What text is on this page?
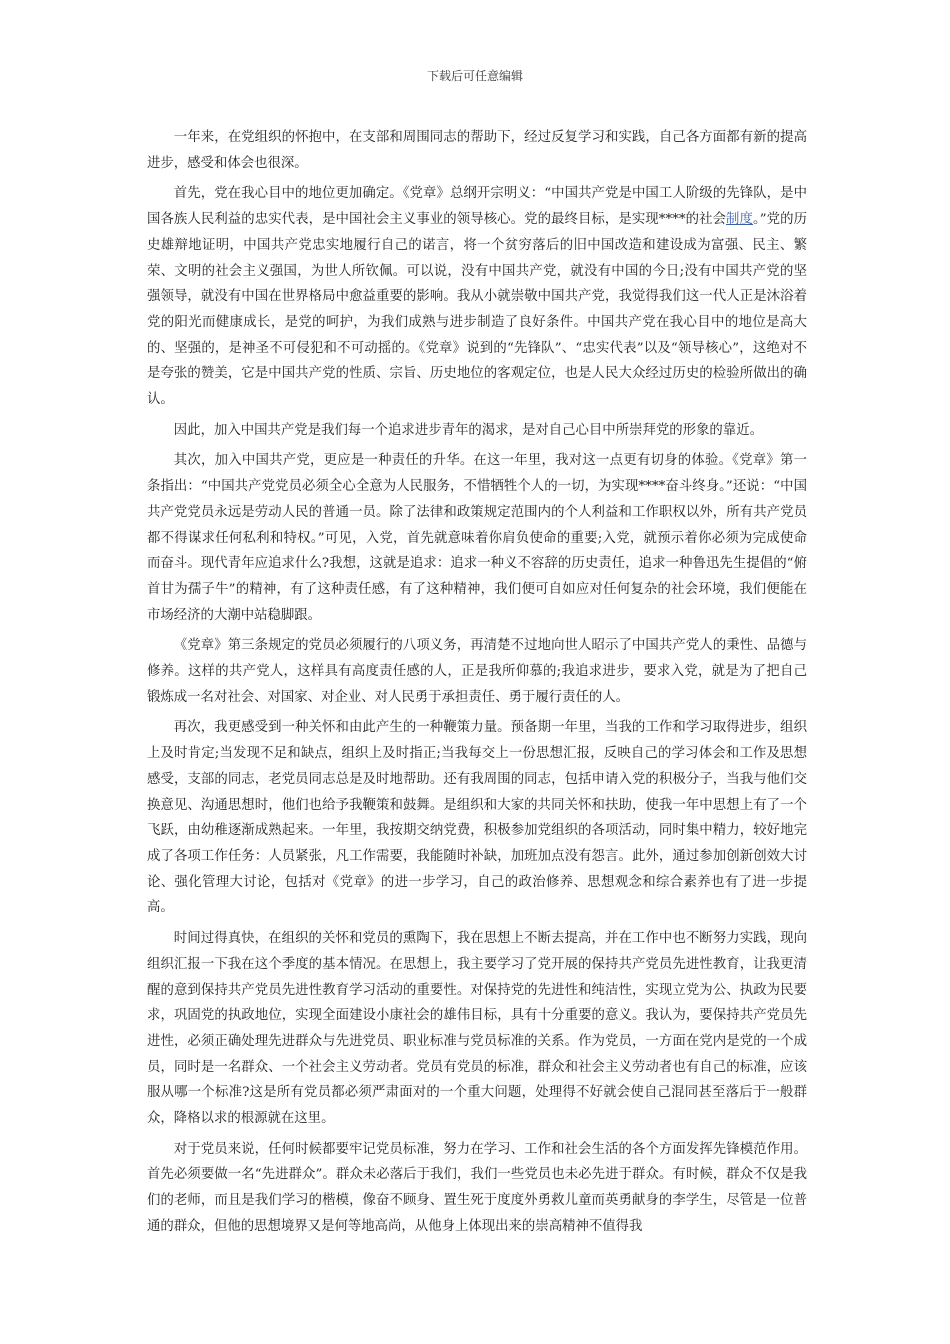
下载后可任意编辑

一年来，在党组织的怀抱中，在支部和周围同志的帮助下，经过反复学习和实践，自己各方面都有新的提高进步，感受和体会也很深。

首先，党在我心目中的地位更加确定。《党章》总纲开宗明义：“中国共产党是中国工人阶级的先锋队，是中国各族人民利益的忠实代表，是中国社会主义事业的领导核心。党的最终目标，是实现****的社会制度。”党的历史雄辩地证明，中国共产党忠实地履行自己的诺言，将一个贫穷落后的旧中国改造和建设成为富强、民主、繁荣、文明的社会主义强国，为世人所钦佩。可以说，没有中国共产党，就没有中国的今日;没有中国共产党的坚强领导，就没有中国在世界格局中愈益重要的影响。我从小就崇敬中国共产党，我觉得我们这一代人正是沐浴着党的阳光而健康成长，是党的呵护，为我们成熟与进步制造了良好条件。中国共产党在我心目中的地位是高大的、坚强的，是神圣不可侵犯和不可动摇的。《党章》说到的“先锋队”、“忠实代表”以及“领导核心”，这绝对不是夸张的赞美，它是中国共产党的性质、宗旨、历史地位的客观定位，也是人民大众经过历史的检验所做出的确认。

因此，加入中国共产党是我们每一个追求进步青年的渴求，是对自己心目中所崇拜党的形象的靠近。

其次，加入中国共产党，更应是一种责任的升华。在这一年里，我对这一点更有切身的体验。《党章》第一条指出：“中国共产党党员必须全心全意为人民服务，不惜牺牲个人的一切，为实现****奋斗终身。”还说：“中国共产党党员永远是劳动人民的普通一员。除了法律和政策规定范围内的个人利益和工作职权以外，所有共产党员都不得谋求任何私利和特权。”可见，入党，首先就意味着你肩负使命的重要;入党，就预示着你必须为完成使命而奋斗。现代青年应追求什么?我想，这就是追求：追求一种义不容辞的历史责任，追求一种鲁迅先生提倡的“俯首甘为孺子牛”的精神，有了这种责任感，有了这种精神，我们便可自如应对任何复杂的社会环境，我们便能在市场经济的大潮中站稳脚跟。

《党章》第三条规定的党员必须履行的八项义务，再清楚不过地向世人昭示了中国共产党人的秉性、品德与修养。这样的共产党人，这样具有高度责任感的人，正是我所仰慕的;我追求进步，要求入党，就是为了把自己锻炼成一名对社会、对国家、对企业、对人民勇于承担责任、勇于履行责任的人。

再次，我更感受到一种关怀和由此产生的一种鞭策力量。预备期一年里，当我的工作和学习取得进步，组织上及时肯定;当发现不足和缺点，组织上及时指正;当我每交上一份思想汇报，反映自己的学习体会和工作及思想感受，支部的同志，老党员同志总是及时地帮助。还有我周围的同志，包括申请入党的积极分子，当我与他们交换意见、沟通思想时，他们也给予我鞭策和鼓舞。是组织和大家的共同关怀和扶助，使我一年中思想上有了一个飞跃，由幼稚逐渐成熟起来。一年里，我按期交纳党费，积极参加党组织的各项活动，同时集中精力，较好地完成了各项工作任务：人员紧张，凡工作需要，我能随时补缺，加班加点没有怨言。此外，通过参加创新创效大讨论、强化管理大讨论，包括对《党章》的进一步学习，自己的政治修养、思想观念和综合素养也有了进一步提高。

时间过得真快，在组织的关怀和党员的熏陶下，我在思想上不断去提高，并在工作中也不断努力实践，现向组织汇报一下我在这个季度的基本情况。在思想上，我主要学习了党开展的保持共产党员先进性教育，让我更清醒的意到保持共产党员先进性教育学习活动的重要性。对保持党的先进性和纯洁性，实现立党为公、执政为民要求，巩固党的执政地位，实现全面建设小康社会的雄伟目标，具有十分重要的意义。我认为，要保持共产党员先进性，必须正确处理先进群众与先进党员、职业标准与党员标准的关系。作为党员，一方面在党内是党的一个成员，同时是一名群众、一个社会主义劳动者。党员有党员的标准，群众和社会主义劳动者也有自己的标准，应该服从哪一个标准?这是所有党员都必须严肃面对的一个重大问题，处理得不好就会使自己混同甚至落后于一般群众，降格以求的根源就在这里。

对于党员来说，任何时候都要牢记党员标准，努力在学习、工作和社会生活的各个方面发挥先锋模范作用。首先必须要做一名“先进群众”。群众未必落后于我们，我们一些党员也未必先进于群众。有时候，群众不仅是我们的老师，而且是我们学习的楷模，像奋不顾身、置生死于度度外勇救儿童而英勇献身的李学生，尽管是一位普通的群众，但他的思想境界又是何等地高尚，从他身上体现出来的崇高精神不值得我
